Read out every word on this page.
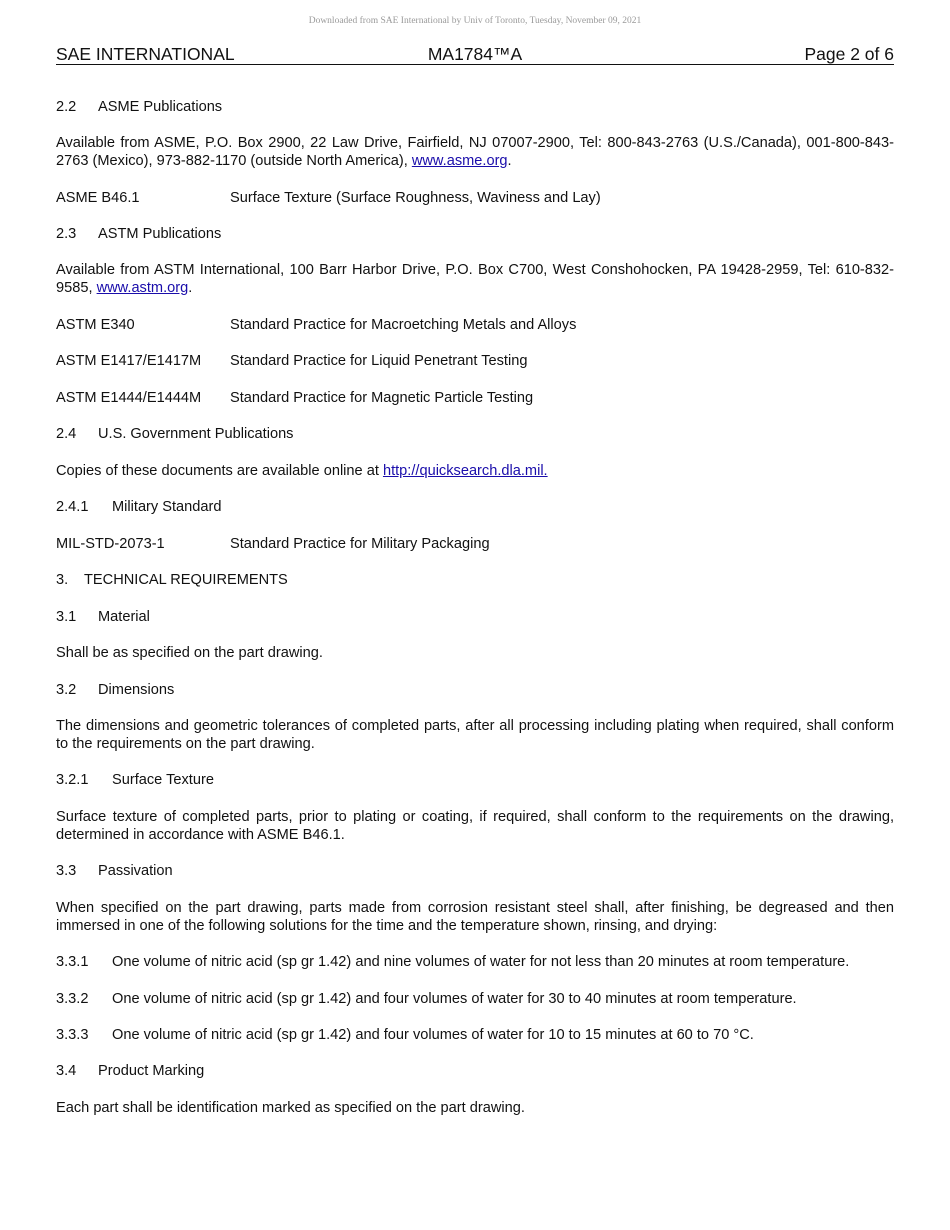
Downloaded from SAE International by Univ of Toronto, Tuesday, November 09, 2021
SAE INTERNATIONAL	MA1784™A	Page 2 of 6

2.2 ASME Publications

Available from ASME, P.O. Box 2900, 22 Law Drive, Fairfield, NJ 07007-2900, Tel: 800-843-2763 (U.S./Canada), 001-800-843-2763 (Mexico), 973-882-1170 (outside North America), www.asme.org.

ASME B46.1	Surface Texture (Surface Roughness, Waviness and Lay)

2.3 ASTM Publications

Available from ASTM International, 100 Barr Harbor Drive, P.O. Box C700, West Conshohocken, PA 19428-2959, Tel: 610-832-9585, www.astm.org.

ASTM E340	Standard Practice for Macroetching Metals and Alloys

ASTM E1417/E1417M Standard Practice for Liquid Penetrant Testing

ASTM E1444/E1444M Standard Practice for Magnetic Particle Testing

2.4 U.S. Government Publications

Copies of these documents are available online at http://quicksearch.dla.mil.

2.4.1 Military Standard

MIL-STD-2073-1	Standard Practice for Military Packaging

3. TECHNICAL REQUIREMENTS

3.1 Material

Shall be as specified on the part drawing.

3.2 Dimensions

The dimensions and geometric tolerances of completed parts, after all processing including plating when required, shall conform to the requirements on the part drawing.

3.2.1 Surface Texture

Surface texture of completed parts, prior to plating or coating, if required, shall conform to the requirements on the drawing, determined in accordance with ASME B46.1.

3.3 Passivation

When specified on the part drawing, parts made from corrosion resistant steel shall, after finishing, be degreased and then immersed in one of the following solutions for the time and the temperature shown, rinsing, and drying:

3.3.1 One volume of nitric acid (sp gr 1.42) and nine volumes of water for not less than 20 minutes at room temperature.

3.3.2 One volume of nitric acid (sp gr 1.42) and four volumes of water for 30 to 40 minutes at room temperature.

3.3.3 One volume of nitric acid (sp gr 1.42) and four volumes of water for 10 to 15 minutes at 60 to 70 °C.

3.4 Product Marking

Each part shall be identification marked as specified on the part drawing.
